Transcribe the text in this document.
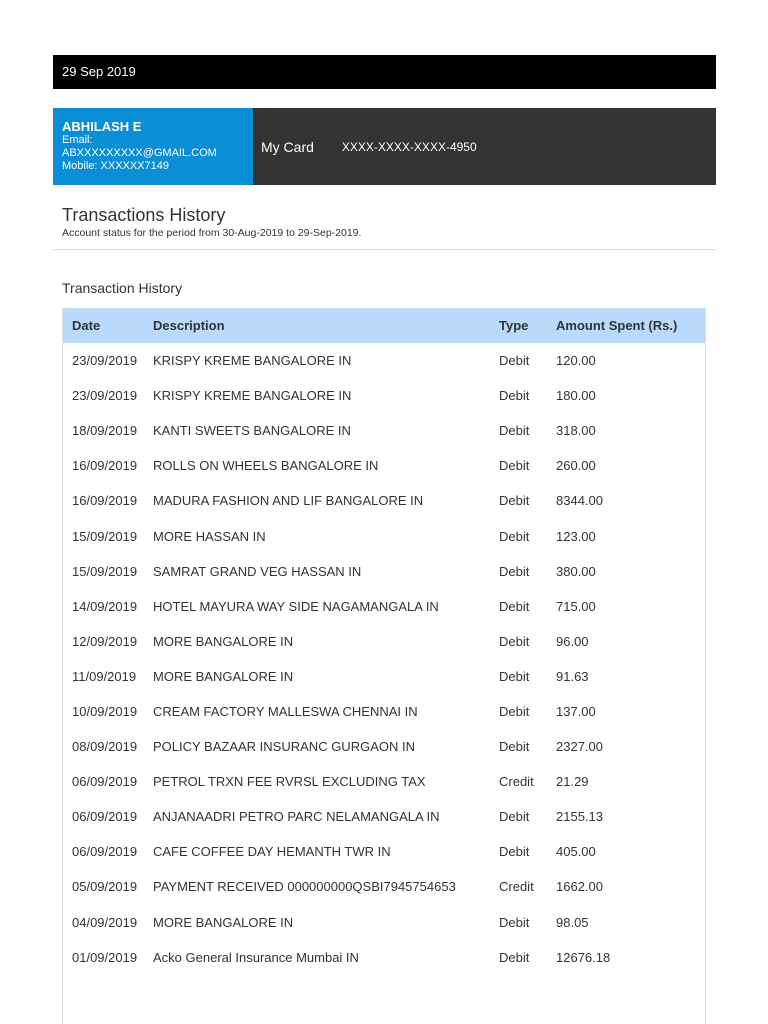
29 Sep 2019
ABHILASH E
Email:
ABXXXXXXXXX@GMAIL.COM
Mobile: XXXXXX7149
My Card XXXX-XXXX-XXXX-4950
Transactions History
Account status for the period from 30-Aug-2019 to 29-Sep-2019.
Transaction History
Date	Description	Type	Amount Spent (Rs.)
23/09/2019	KRISPY KREME BANGALORE IN	Debit	120.00
23/09/2019	KRISPY KREME BANGALORE IN	Debit	180.00
18/09/2019	KANTI SWEETS BANGALORE IN	Debit	318.00
16/09/2019	ROLLS ON WHEELS BANGALORE IN	Debit	260.00
16/09/2019	MADURA FASHION AND LIF BANGALORE IN	Debit	8344.00
15/09/2019	MORE HASSAN IN	Debit	123.00
15/09/2019	SAMRAT GRAND VEG HASSAN IN	Debit	380.00
14/09/2019	HOTEL MAYURA WAY SIDE NAGAMANGALA IN	Debit	715.00
12/09/2019	MORE BANGALORE IN	Debit	96.00
11/09/2019	MORE BANGALORE IN	Debit	91.63
10/09/2019	CREAM FACTORY MALLESWA CHENNAI IN	Debit	137.00
08/09/2019	POLICY BAZAAR INSURANC GURGAON IN	Debit	2327.00
06/09/2019	PETROL TRXN FEE RVRSL EXCLUDING TAX	Credit	21.29
06/09/2019	ANJANAADRI PETRO PARC NELAMANGALA IN	Debit	2155.13
06/09/2019	CAFE COFFEE DAY HEMANTH TWR IN	Debit	405.00
05/09/2019	PAYMENT RECEIVED 000000000QSBI7945754653	Credit	1662.00
04/09/2019	MORE BANGALORE IN	Debit	98.05
01/09/2019	Acko General Insurance Mumbai IN	Debit	12676.18
